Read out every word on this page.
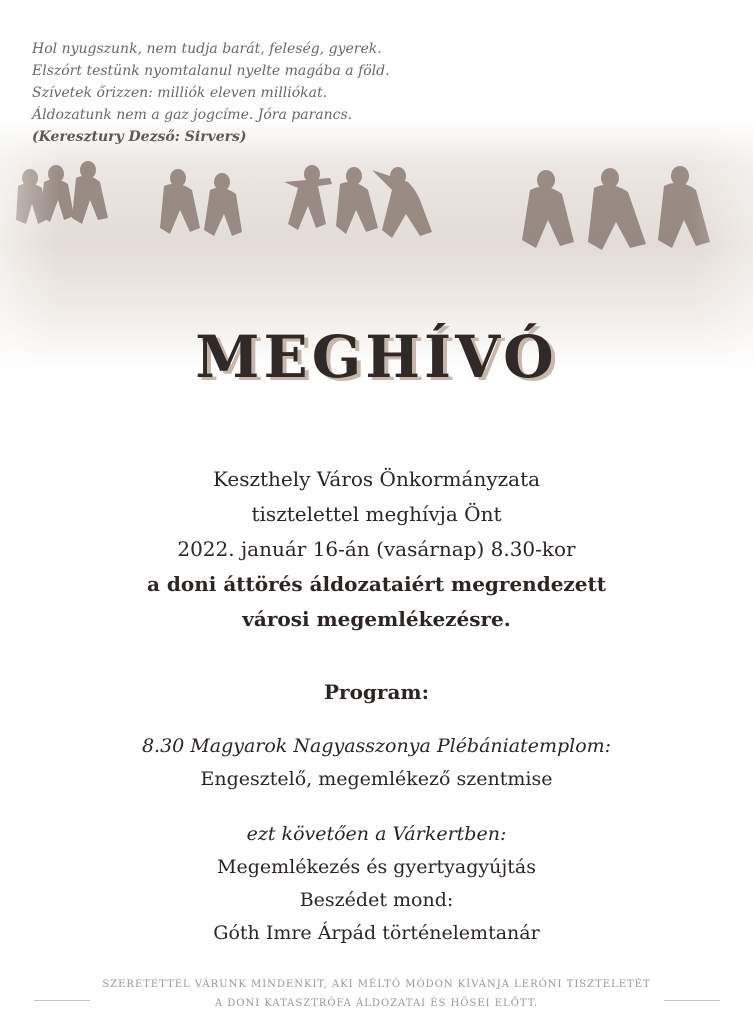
Hol nyugszunk, nem tudja barát, feleség, gyerek.
Elszórt testünk nyomtalanul nyelte magába a föld.
Szívetek őrizzen: milliók eleven milliókat.
Áldozatunk nem a gaz jogcíme. Jóra parancs.
(Keresztury Dezső: Sirvers)
MEGHÍVÓ
Keszthely Város Önkormányzata
tisztelettel meghívja Önt
2022. január 16-án (vasárnap) 8.30-kor
a doni áttörés áldozataiért megrendezett
városi megemlékezésre.
Program:
8.30 Magyarok Nagyasszonya Plébániatemplom:
Engesztelő, megemlékező szentmise
ezt követően a Várkertben:
Megemlékezés és gyertyagyújtás
Beszédet mond:
Góth Imre Árpád történelemtanár
SZERETETTEL VÁRUNK MINDENKIT, AKI MÉLTÓ MÓDON KÍVÁNJA LERÓNI TISZTELETÉT
A DONI KATASZTRÓFA ÁLDOZATAI ÉS HŐSEI ELŐTT.
